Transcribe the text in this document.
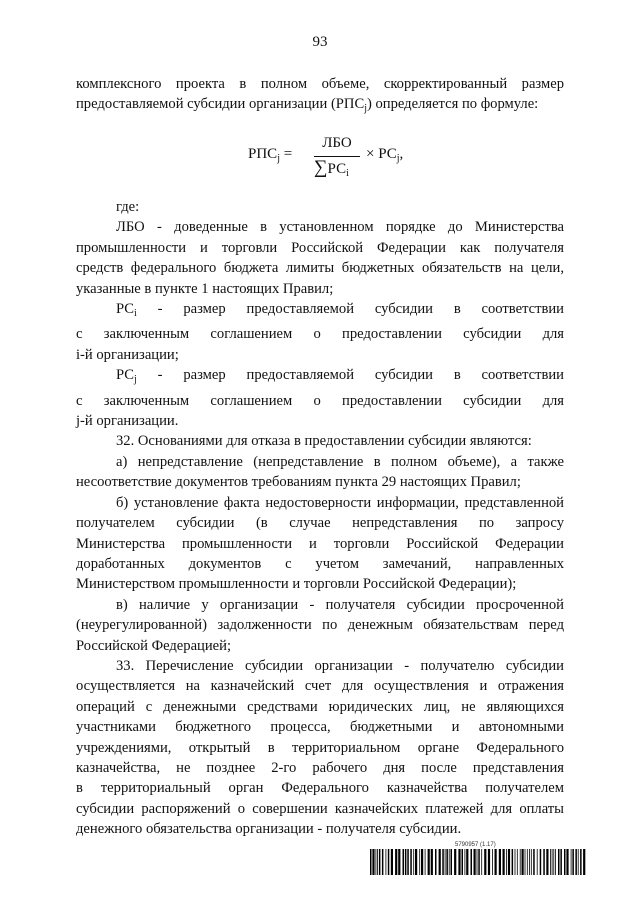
93
комплексного проекта в полном объеме, скорректированный размер
предоставляемой субсидии организации $(РПС_j)$ определяется по формуле:
$РПС_j$ =
ЛБО
$\sum РС_i$
× $РС_j$,
где:
ЛБО - доведенные в установленном порядке до Министерства
промышленности и торговли Российской Федерации как получателя
средств федерального бюджета лимиты бюджетных обязательств на цели,
указанные в пункте 1 настоящих Правил;
$РС_i$ - размер предоставляемой субсидии в соответствии
с заключенным соглашением о предоставлении субсидии для
i-й организации;
$РС_j$ - размер предоставляемой субсидии в соответствии
с заключенным соглашением о предоставлении субсидии для
j-й организации.
32. Основаниями для отказа в предоставлении субсидии являются:
а) непредставление (непредставление в полном объеме), а также
несоответствие документов требованиям пункта 29 настоящих Правил;
б) установление факта недостоверности информации, представленной
получателем субсидии (в случае непредставления по запросу
Министерства промышленности и торговли Российской Федерации
доработанных документов с учетом замечаний, направленных
Министерством промышленности и торговли Российской Федерации);
в) наличие у организации - получателя субсидии просроченной
(неурегулированной) задолженности по денежным обязательствам перед
Российской Федерацией;
33. Перечисление субсидии организации - получателю субсидии
осуществляется на казначейский счет для осуществления и отражения
операций с денежными средствами юридических лиц, не являющихся
участниками бюджетного процесса, бюджетными и автономными
учреждениями, открытый в территориальном органе Федерального
казначейства, не позднее 2-го рабочего дня после представления
в территориальный орган Федерального казначейства получателем
субсидии распоряжений о совершении казначейских платежей для оплаты
денежного обязательства организации - получателя субсидии.
5790957 (1.17)
